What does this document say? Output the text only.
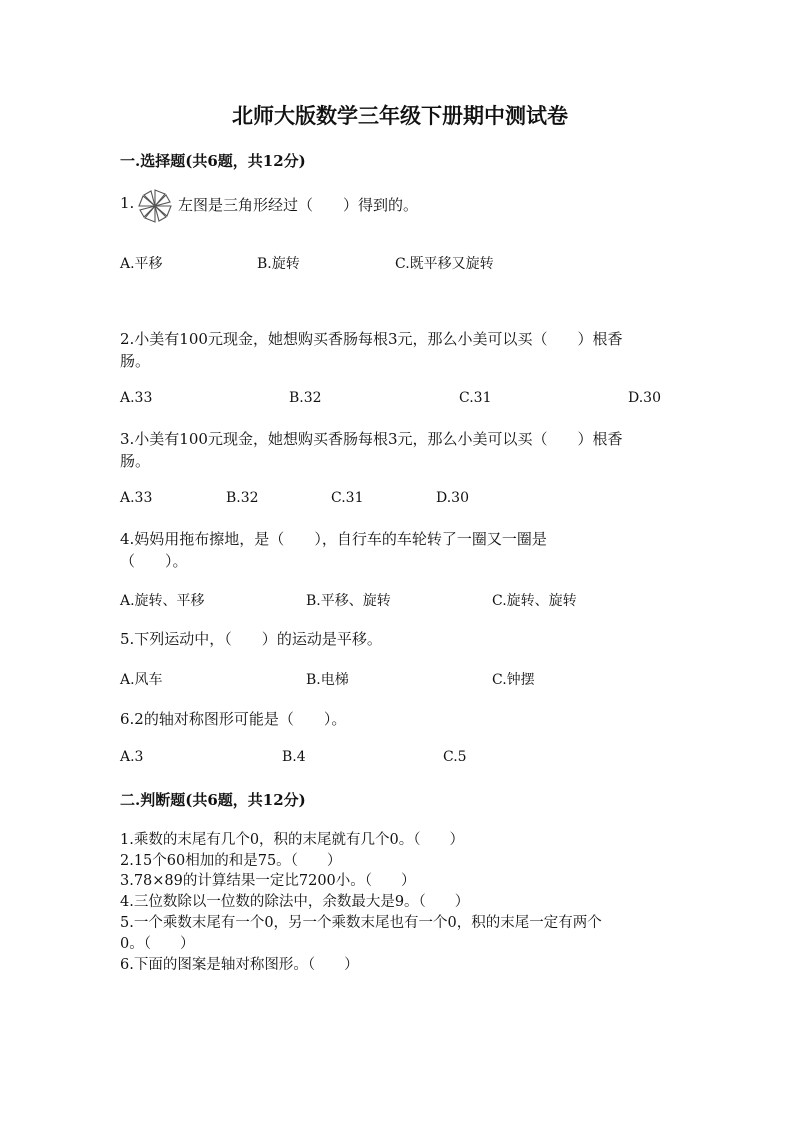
北师大版数学三年级下册期中测试卷
一.选择题(共6题，共12分)
1.	左图是三角形经过（　　）得到的。
A.平移	B.旋转	C.既平移又旋转
2.小美有100元现金，她想购买香肠每根3元，那么小美可以买（　　）根香
肠。
A.33	B.32	C.31	D.30
3.小美有100元现金，她想购买香肠每根3元，那么小美可以买（　　）根香
肠。
A.33	B.32	C.31	D.30
4.妈妈用拖布擦地，是（　　），自行车的车轮转了一圈又一圈是
（　　）。
A.旋转、平移	B.平移、旋转	C.旋转、旋转
5.下列运动中，（　　）的运动是平移。
A.风车	B.电梯	C.钟摆
6.2的轴对称图形可能是（　　）。
A.3	B.4	C.5
二.判断题(共6题，共12分)
1.乘数的末尾有几个0，积的末尾就有几个0。（　　）
2.15个60相加的和是75。（　　）
3.78×89的计算结果一定比7200小。（　　）
4.三位数除以一位数的除法中，余数最大是9。（　　）
5.一个乘数末尾有一个0，另一个乘数末尾也有一个0，积的末尾一定有两个
0。（　　）
6.下面的图案是轴对称图形。（　　）
